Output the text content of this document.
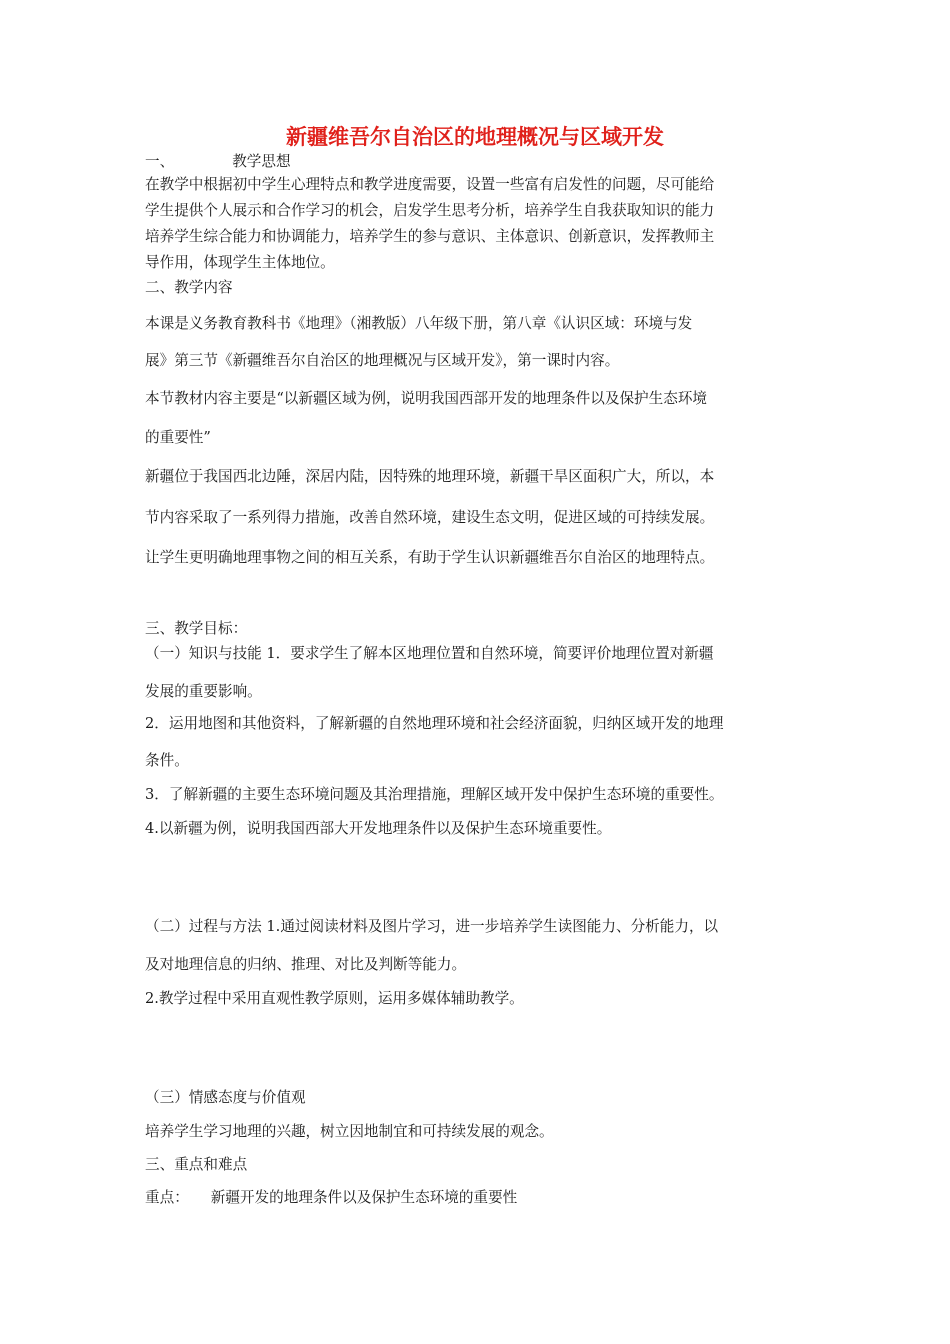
新疆维吾尔自治区的地理概况与区域开发
一、	教学思想
在教学中根据初中学生心理特点和教学进度需要，设置一些富有启发性的问题，尽可能给
学生提供个人展示和合作学习的机会，启发学生思考分析，培养学生自我获取知识的能力
培养学生综合能力和协调能力，培养学生的参与意识、主体意识、创新意识，发挥教师主
导作用，体现学生主体地位。
二、教学内容
本课是义务教育教科书《地理》（湘教版）八年级下册，第八章《认识区域：环境与发
展》第三节《新疆维吾尔自治区的地理概况与区域开发》，第一课时内容。
本节教材内容主要是“以新疆区域为例，说明我国西部开发的地理条件以及保护生态环境
的重要性”
新疆位于我国西北边陲，深居内陆，因特殊的地理环境，新疆干旱区面积广大，所以，本
节内容采取了一系列得力措施，改善自然环境，建设生态文明，促进区域的可持续发展。
让学生更明确地理事物之间的相互关系，有助于学生认识新疆维吾尔自治区的地理特点。
三、教学目标：
（一）知识与技能 1．要求学生了解本区地理位置和自然环境，简要评价地理位置对新疆
发展的重要影响。
2．运用地图和其他资料，了解新疆的自然地理环境和社会经济面貌，归纳区域开发的地理
条件。
3．了解新疆的主要生态环境问题及其治理措施，理解区域开发中保护生态环境的重要性。
4.以新疆为例，说明我国西部大开发地理条件以及保护生态环境重要性。
（二）过程与方法 1.通过阅读材料及图片学习，进一步培养学生读图能力、分析能力，以
及对地理信息的归纳、推理、对比及判断等能力。
2.教学过程中采用直观性教学原则，运用多媒体辅助教学。
（三）情感态度与价值观
培养学生学习地理的兴趣，树立因地制宜和可持续发展的观念。
三、重点和难点
重点： 新疆开发的地理条件以及保护生态环境的重要性
